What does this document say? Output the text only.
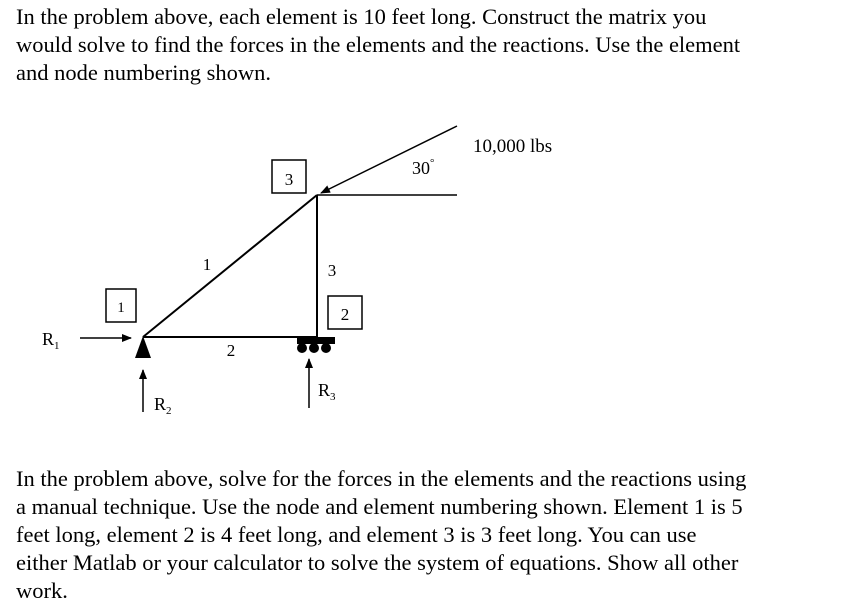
In the problem above, each element is 10 feet long. Construct the matrix you
would solve to find the forces in the elements and the reactions. Use the element
and node numbering shown.
10,000 lbs
30°
1	2
3
1
2
3
$R_1$
$R_2$
$R_3$
In the problem above, solve for the forces in the elements and the reactions using
a manual technique. Use the node and element numbering shown. Element 1 is 5
feet long, element 2 is 4 feet long, and element 3 is 3 feet long. You can use
either Matlab or your calculator to solve the system of equations. Show all other
work.
